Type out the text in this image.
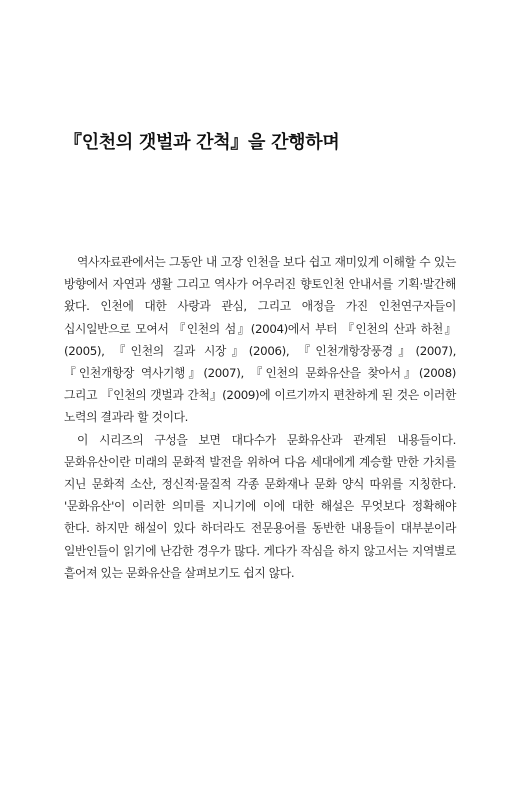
『인천의 갯벌과 간척』을 간행하며

역사자료관에서는 그동안 내 고장 인천을 보다 쉽고 재미있게 이해할 수 있는 방향에서 자연과 생활 그리고 역사가 어우러진 향토인천 안내서를 기획·발간해 왔다. 인천에 대한 사랑과 관심, 그리고 애정을 가진 인천연구자들이 십시일반으로 모여서 『인천의 섬』(2004)에서 부터 『인천의 산과 하천』(2005), 『인천의 길과 시장』(2006), 『인천개항장풍경』(2007), 『인천개항장 역사기행』(2007), 『인천의 문화유산을 찾아서』(2008) 그리고 『인천의 갯벌과 간척』(2009)에 이르기까지 편찬하게 된 것은 이러한 노력의 결과라 할 것이다.

이 시리즈의 구성을 보면 대다수가 문화유산과 관계된 내용들이다. 문화유산이란 미래의 문화적 발전을 위하여 다음 세대에게 계승할 만한 가치를 지닌 문화적 소산, 정신적·물질적 각종 문화재나 문화 양식 따위를 지칭한다. '문화유산'이 이러한 의미를 지니기에 이에 대한 해설은 무엇보다 정확해야 한다. 하지만 해설이 있다 하더라도 전문용어를 동반한 내용들이 대부분이라 일반인들이 읽기에 난감한 경우가 많다. 게다가 작심을 하지 않고서는 지역별로 흩어져 있는 문화유산을 살펴보기도 쉽지 않다.
